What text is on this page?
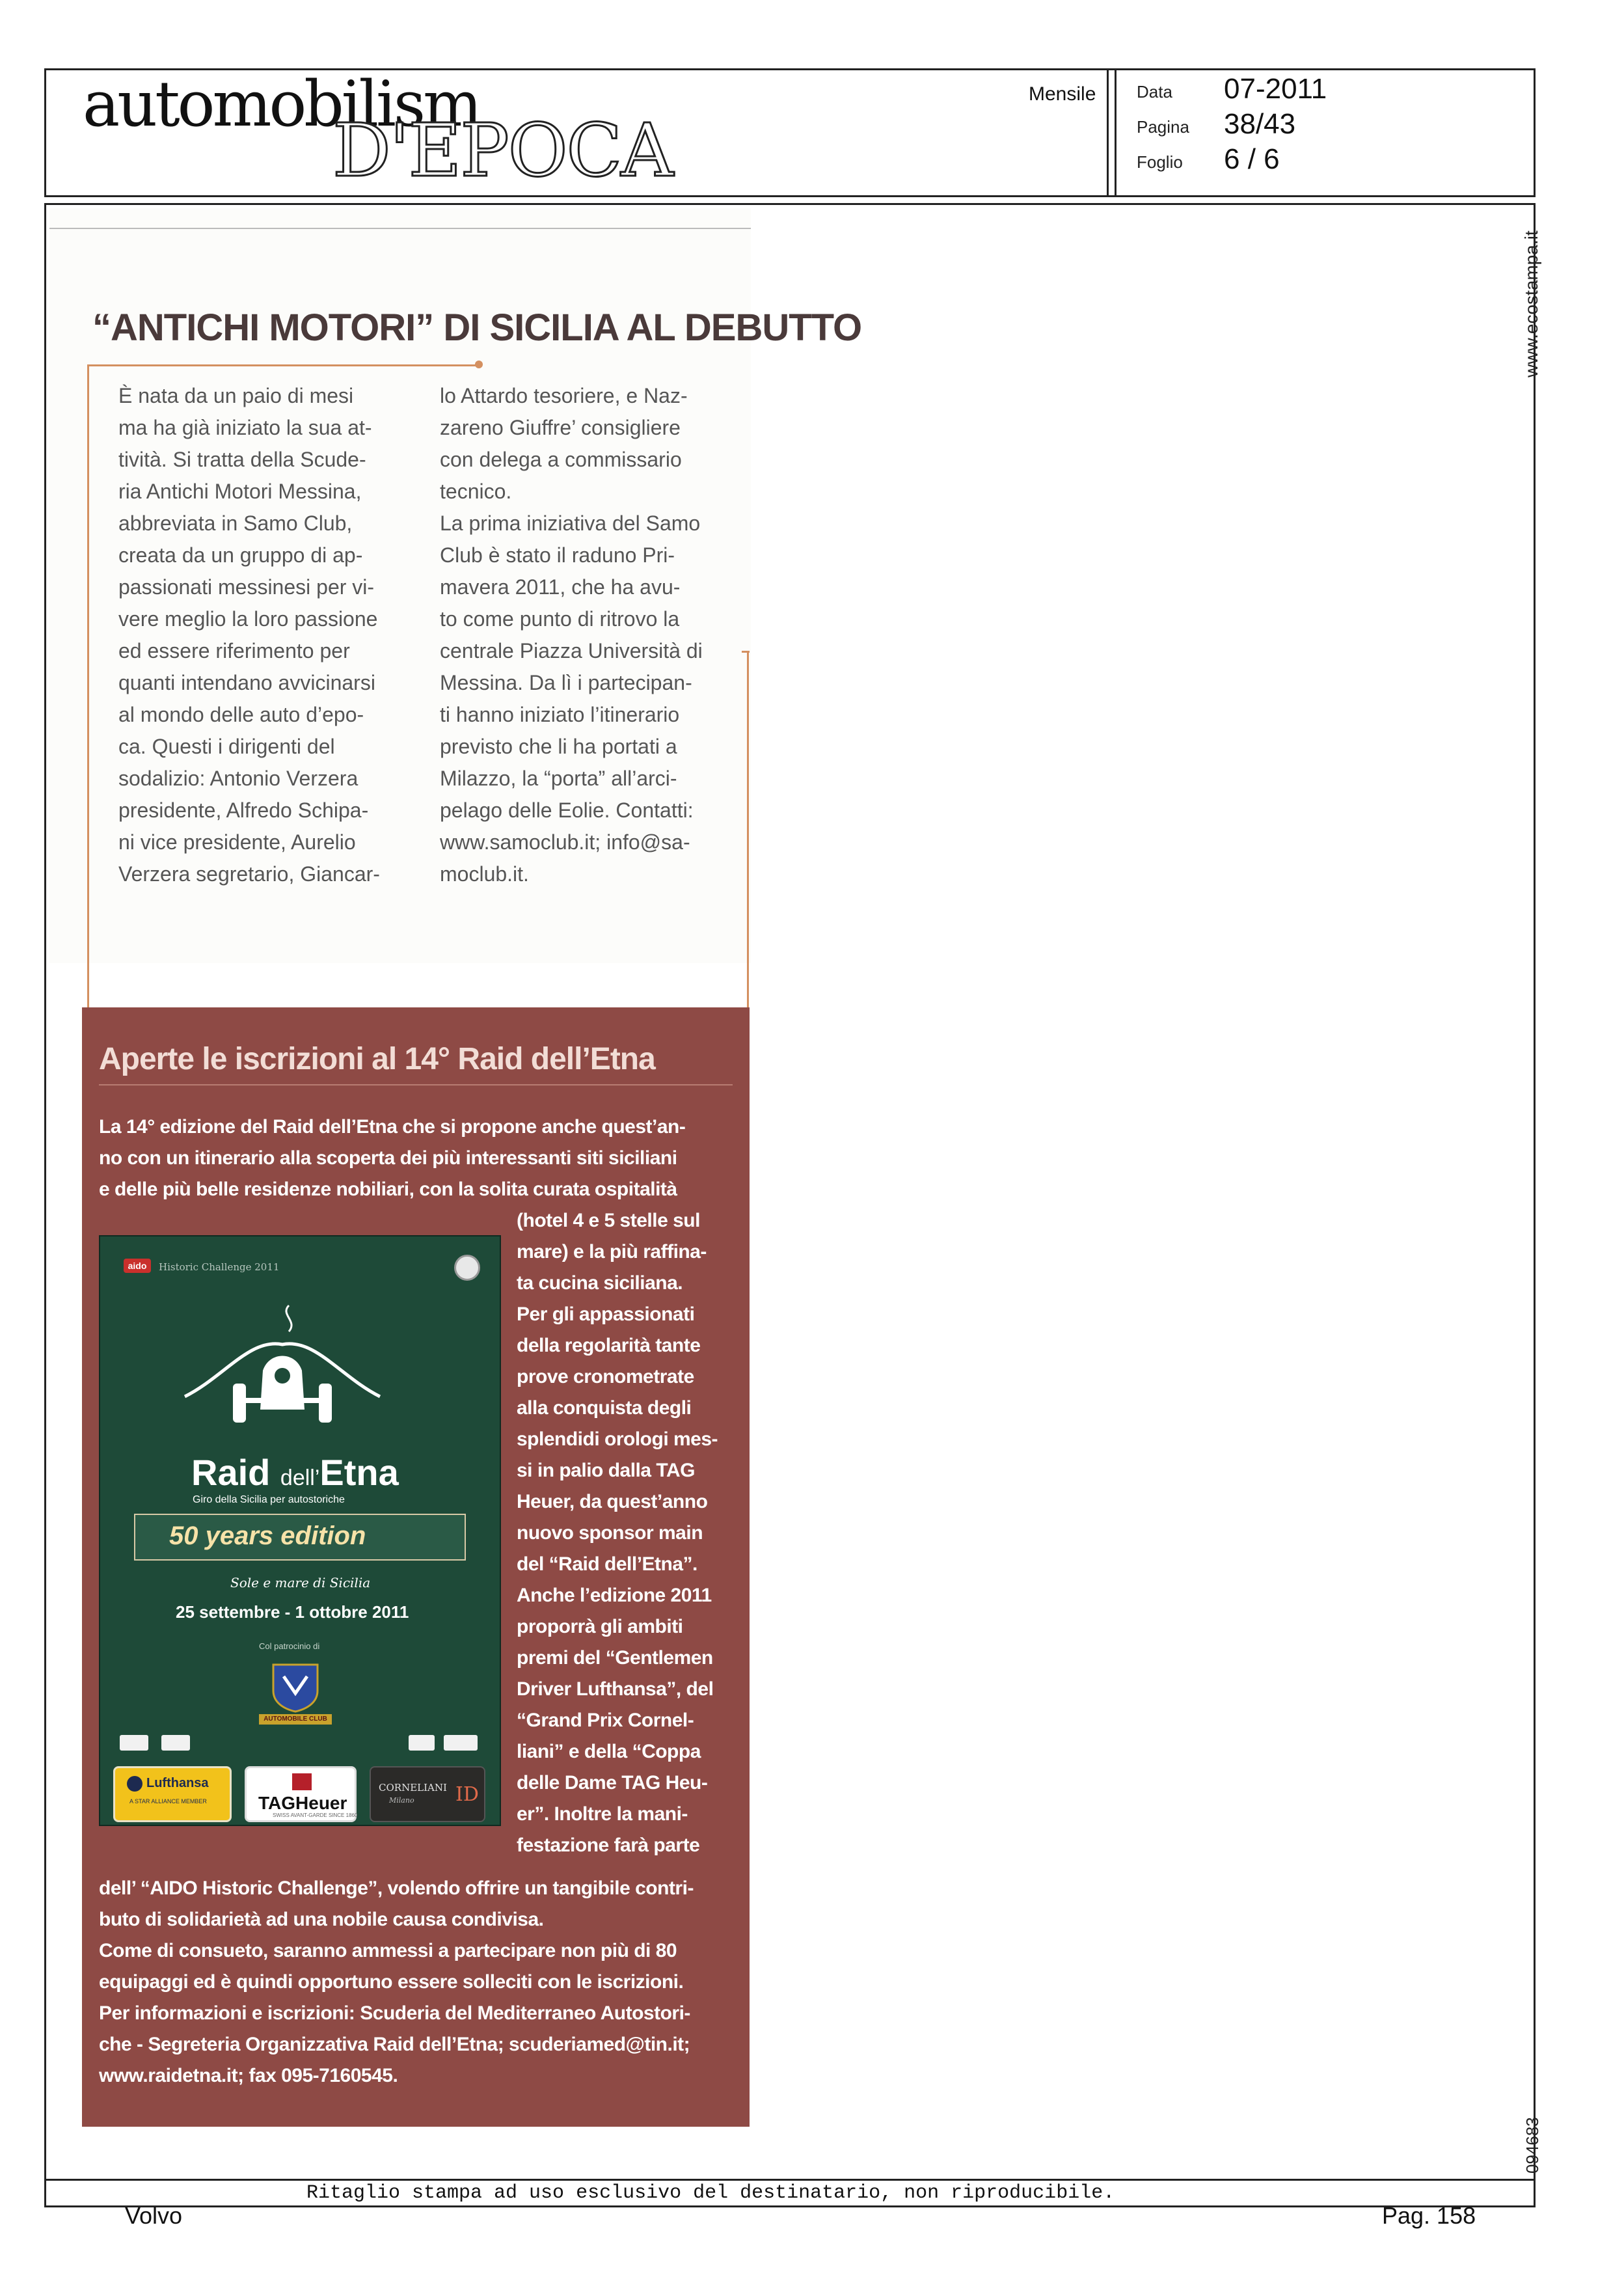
automobilism
D'EPOCA
Mensile Data 07-2011
Pagina 38/43
Foglio 6 / 6
Ritaglio stampa ad uso esclusivo del destinatario, non riproducibile.
www.ecostampa.it
094683
“ANTICHI MOTORI” DI SICILIA AL DEBUTTO

È nata da un paio di mesi

ma ha già iniziato la sua at-

tività. Si tratta della Scude-

ria Antichi Motori Messina,

abbreviata in Samo Club,

creata da un gruppo di ap-

passionati messinesi per vi-

vere meglio la loro passione

ed essere riferimento per

quanti intendano avvicinarsi

al mondo delle auto d’epo-

ca. Questi i dirigenti del

sodalizio: Antonio Verzera

presidente, Alfredo Schipa-

ni vice presidente, Aurelio

Verzera segretario, Giancar-

lo Attardo tesoriere, e Naz-

zareno Giuffre’ consigliere

con delega a commissario

tecnico.

La prima iniziativa del Samo

Club è stato il raduno Pri-

mavera 2011, che ha avu-

to come punto di ritrovo la

centrale Piazza Università di

Messina. Da lì i partecipan-

ti hanno iniziato l’itinerario

previsto che li ha portati a

Milazzo, la “porta” all’arci-

pelago delle Eolie. Contatti:

www.samoclub.it; info@sa-

moclub.it.

Aperte le iscrizioni al 14° Raid dell’Etna

La 14° edizione del Raid dell’Etna che si propone anche quest’an-

no con un itinerario alla scoperta dei più interessanti siti siciliani

e delle più belle residenze nobiliari, con la solita curata ospitalità

(hotel 4 e 5 stelle sul

mare) e la più raffina-

ta cucina siciliana.

Per gli appassionati

della regolarità tante

prove cronometrate

alla conquista degli

splendidi orologi mes-

si in palio dalla TAG

Heuer, da quest’anno

nuovo sponsor main

del “Raid dell’Etna”.

Anche l’edizione 2011

proporrà gli ambiti

premi del “Gentlemen

Driver Lufthansa”, del

“Grand Prix Cornel-

liani” e della “Coppa

delle Dame TAG Heu-

er”. Inoltre la mani-

festazione farà parte

dell’ “AIDO Historic Challenge”, volendo offrire un tangibile contri-

buto di solidarietà ad una nobile causa condivisa.

Come di consueto, saranno ammessi a partecipare non più di 80

equipaggi ed è quindi opportuno essere solleciti con le iscrizioni.

Per informazioni e iscrizioni: Scuderia del Mediterraneo Autostori-

che - Segreteria Organizzativa Raid dell’Etna; scuderiamed@tin.it;

www.raidetna.it; fax 095-7160545.

aido	Historic Challenge 2011
Raid dell’Etna
Giro della Sicilia per autostoriche
50 years edition
Sole e mare di Sicilia
25 settembre - 1 ottobre 2011
Col patrocinio di
AUTOMOBILE CLUB
Lufthansa
A STAR ALLIANCE MEMBER	TAGHeuer
SWISS AVANT-GARDE SINCE 1860
CORNELIANI
Milano ID
Volvo	Pag. 158
